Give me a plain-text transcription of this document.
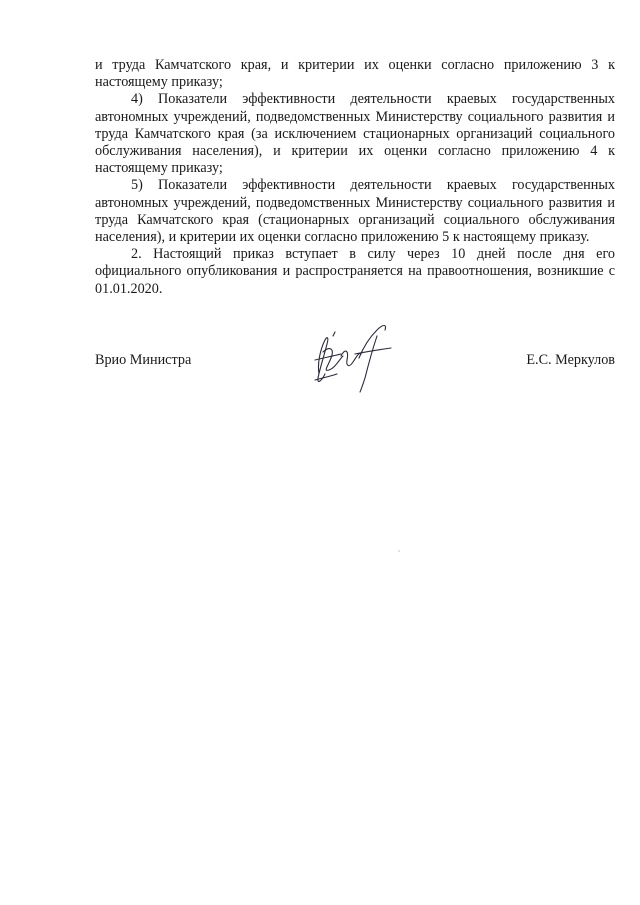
и труда Камчатского края, и критерии их оценки согласно приложению 3 к настоящему приказу;

4) Показатели эффективности деятельности краевых государственных автономных учреждений, подведомственных Министерству социального развития и труда Камчатского края (за исключением стационарных организаций социального обслуживания населения), и критерии их оценки согласно приложению 4 к настоящему приказу;

5) Показатели эффективности деятельности краевых государственных автономных учреждений, подведомственных Министерству социального развития и труда Камчатского края (стационарных организаций социального обслуживания населения), и критерии их оценки согласно приложению 5 к настоящему приказу.

2. Настоящий приказ вступает в силу через 10 дней после дня его официального опубликования и распространяется на правоотношения, возникшие с 01.01.2020.

Врио Министра	Е.С. Меркулов
